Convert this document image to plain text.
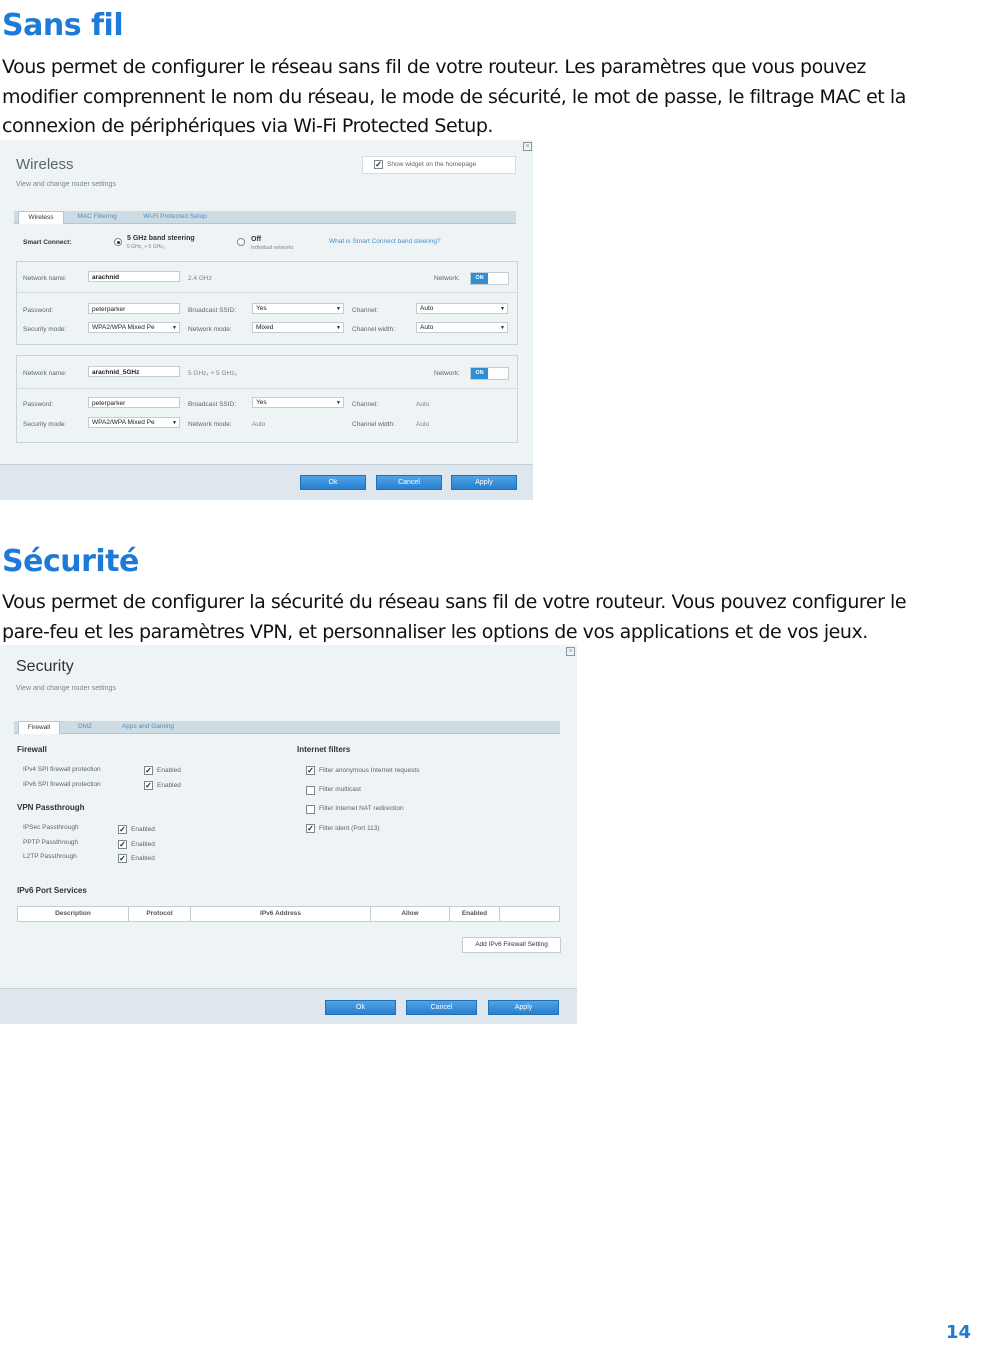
Sans fil
Vous permet de configurer le réseau sans fil de votre routeur. Les paramètres que vous pouvez
modifier comprennent le nom du réseau, le mode de sécurité, le mot de passe, le filtrage MAC et la
connexion de périphériques via Wi-Fi Protected Setup.
×
Wireless
View and change router settings
✓ Show widget on the homepage
Wireless	MAC Filtering	Wi-Fi Protected Setup
Smart Connect:
5 GHz band steering
5 GHz₁ + 5 GHz₂
Off
Individual networks
What is Smart Connect band steering?
Network name:	arachnid	2.4 GHz	Network:	ON
Password:	peterparker	Broadcast SSID:	Yes	▼ Channel:	Auto	▼
Security mode:	WPA2/WPA Mixed Pe	▼ Network mode:	Mixed	▼ Channel width:	Auto	▼
Network name:	arachnid_5GHz	5 GHz₁ + 5 GHz₂	Network:	ON
Password:	peterparker	Broadcast SSID:	Yes	▼ Channel:	Auto
Security mode:	WPA2/WPA Mixed Pe	▼ Network mode:	Auto	Channel width:	Auto
Ok	Cancel	Apply
Sécurité
Vous permet de configurer la sécurité du réseau sans fil de votre routeur. Vous pouvez configurer le
pare-feu et les paramètres VPN, et personnaliser les options de vos applications et de vos jeux.
×
Security
View and change router settings
Firewall	DMZ	Apps and Gaming
Firewall
IPv4 SPI firewall protection	✓ Enabled
IPv6 SPI firewall protection	✓ Enabled
VPN Passthrough
IPSec Passthrough	✓ Enabled
PPTP Passthrough	✓ Enabled
L2TP Passthrough	✓ Enabled
Internet filters
✓ Filter anonymous Internet requests
Filter multicast
Filter Internet NAT redirection
✓ Filter ident (Port 113)
IPv6 Port Services
Description	Protocol	IPv6 Address	Allow	Enabled
Add IPv6 Firewall Setting
Ok	Cancel	Apply
14
